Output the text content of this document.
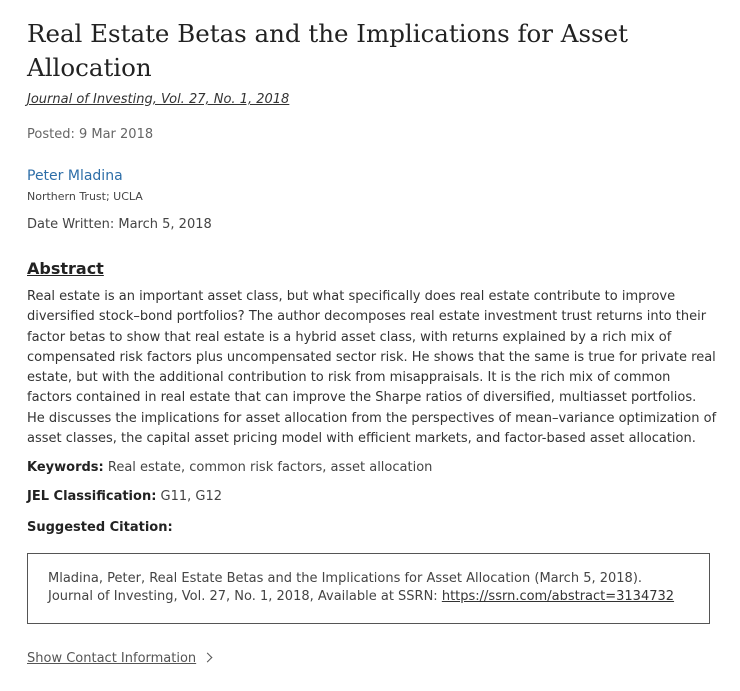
Real Estate Betas and the Implications for Asset Allocation
Journal of Investing, Vol. 27, No. 1, 2018
Posted: 9 Mar 2018
Peter Mladina
Northern Trust; UCLA
Date Written: March 5, 2018
Abstract

Real estate is an important asset class, but what specifically does real estate contribute to improve diversified stock–bond portfolios? The author decomposes real estate investment trust returns into their factor betas to show that real estate is a hybrid asset class, with returns explained by a rich mix of compensated risk factors plus uncompensated sector risk. He shows that the same is true for private real estate, but with the additional contribution to risk from misappraisals. It is the rich mix of common factors contained in real estate that can improve the Sharpe ratios of diversified, multiasset portfolios. He discusses the implications for asset allocation from the perspectives of mean–variance optimization of asset classes, the capital asset pricing model with efficient markets, and factor-based asset allocation.

Keywords: Real estate, common risk factors, asset allocation
JEL Classification: G11, G12
Suggested Citation:
Mladina, Peter, Real Estate Betas and the Implications for Asset Allocation (March 5, 2018). Journal of Investing, Vol. 27, No. 1, 2018, Available at SSRN: https://ssrn.com/abstract=3134732
Show Contact Information
